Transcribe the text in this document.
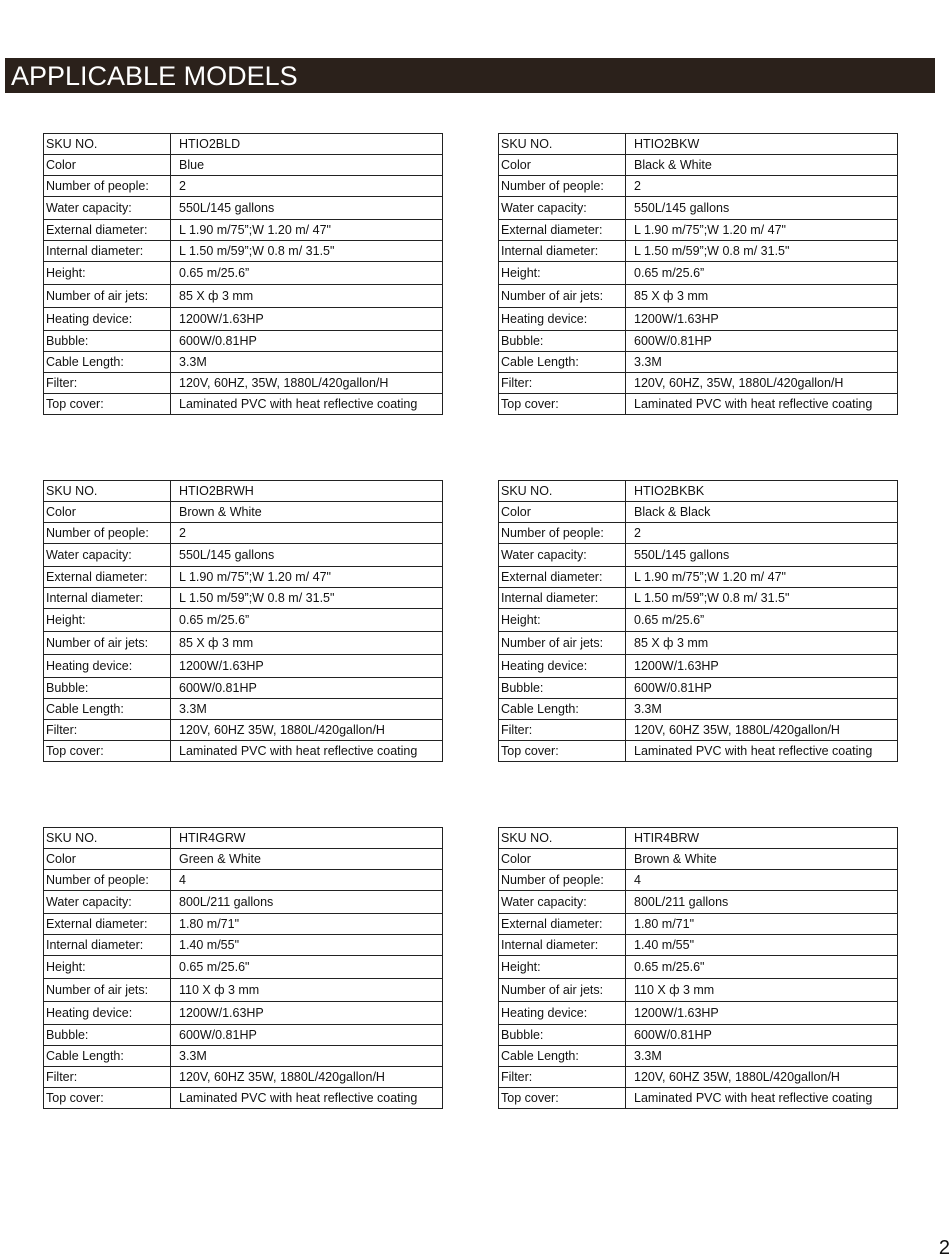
APPLICABLE MODELS
SKU NO.	HTIO2BLD
Color	Blue
Number of people:	2
Water capacity:	550L/145 gallons
External diameter:	L 1.90 m/75”;W 1.20 m/ 47"
Internal diameter:	L 1.50 m/59”;W 0.8 m/ 31.5"
Height:	0.65 m/25.6”
Number of air jets:	85 X ф 3 mm
Heating device:	1200W/1.63HP
Bubble:	600W/0.81HP
Cable Length:	3.3M
Filter:	120V, 60HZ, 35W, 1880L/420gallon/H
Top cover:	Laminated PVC with heat reflective coating
SKU NO.	HTIO2BKW
Color	Black & White
Number of people:	2
Water capacity:	550L/145 gallons
External diameter:	L 1.90 m/75”;W 1.20 m/ 47"
Internal diameter:	L 1.50 m/59”;W 0.8 m/ 31.5"
Height:	0.65 m/25.6”
Number of air jets:	85 X ф 3 mm
Heating device:	1200W/1.63HP
Bubble:	600W/0.81HP
Cable Length:	3.3M
Filter:	120V, 60HZ, 35W, 1880L/420gallon/H
Top cover:	Laminated PVC with heat reflective coating
SKU NO.	HTIO2BRWH
Color	Brown & White
Number of people:	2
Water capacity:	550L/145 gallons
External diameter:	L 1.90 m/75”;W 1.20 m/ 47"
Internal diameter:	L 1.50 m/59”;W 0.8 m/ 31.5"
Height:	0.65 m/25.6”
Number of air jets:	85 X ф 3 mm
Heating device:	1200W/1.63HP
Bubble:	600W/0.81HP
Cable Length:	3.3M
Filter:	120V, 60HZ 35W, 1880L/420gallon/H
Top cover:	Laminated PVC with heat reflective coating
SKU NO.	HTIO2BKBK
Color	Black & Black
Number of people:	2
Water capacity:	550L/145 gallons
External diameter:	L 1.90 m/75”;W 1.20 m/ 47"
Internal diameter:	L 1.50 m/59”;W 0.8 m/ 31.5"
Height:	0.65 m/25.6”
Number of air jets:	85 X ф 3 mm
Heating device:	1200W/1.63HP
Bubble:	600W/0.81HP
Cable Length:	3.3M
Filter:	120V, 60HZ 35W, 1880L/420gallon/H
Top cover:	Laminated PVC with heat reflective coating
SKU NO.	HTIR4GRW
Color	Green & White
Number of people:	4
Water capacity:	800L/211 gallons
External diameter:	1.80 m/71"
Internal diameter:	1.40 m/55"
Height:	0.65 m/25.6"
Number of air jets:	110 X ф 3 mm
Heating device:	1200W/1.63HP
Bubble:	600W/0.81HP
Cable Length:	3.3M
Filter:	120V, 60HZ 35W, 1880L/420gallon/H
Top cover:	Laminated PVC with heat reflective coating
SKU NO.	HTIR4BRW
Color	Brown & White
Number of people:	4
Water capacity:	800L/211 gallons
External diameter:	1.80 m/71"
Internal diameter:	1.40 m/55"
Height:	0.65 m/25.6"
Number of air jets:	110 X ф 3 mm
Heating device:	1200W/1.63HP
Bubble:	600W/0.81HP
Cable Length:	3.3M
Filter:	120V, 60HZ 35W, 1880L/420gallon/H
Top cover:	Laminated PVC with heat reflective coating
2
